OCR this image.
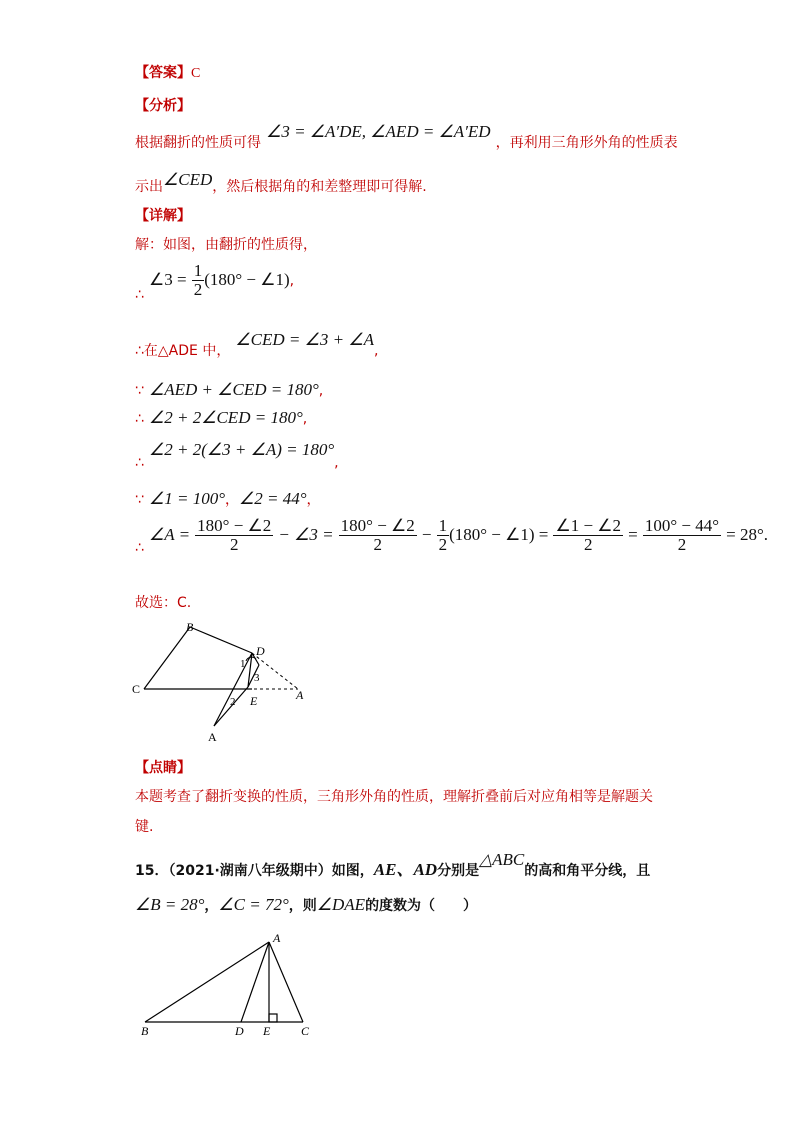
【答案】C
【分析】
根据翻折的性质可得 ∠3 = ∠A′DE, ∠AED = ∠A′ED ，再利用三角形外角的性质表
示出∠CED，然后根据角的和差整理即可得解.
【详解】
解：如图，由翻折的性质得，
∴ ∠3 = $\frac{1}{2} (180^\circ$ − ∠1),
∴在△ADE 中， ∠CED = ∠3 + ∠A,
∵ ∠AED + ∠CED = 180°,
∴ ∠2 + 2∠CED = 180°,
∴ ∠2 + 2(∠3 + ∠A) = 180°,
∵ ∠1 = 100°，∠2 = 44°，
∴ ∠A = $\frac{180^\circ - \angle 2}{2}$ − ∠3 = $\frac{180^\circ - \angle 2}{2} - \frac{1}{2} (180^\circ$ − ∠1) = $\frac{\angle 1 - \angle 2}{2} = \frac{100^\circ - 44^\circ}{2} = 28^\circ$.
故选：C.
B
D
C
1
3
2 E	A
A
【点睛】
本题考查了翻折变换的性质，三角形外角的性质，理解折叠前后对应角相等是解题关
键.
15．（2021·湖南八年级期中）如图，AE、AD分别是△ABC的高和角平分线，且
∠B = 28°，∠C = 72°，则∠DAE的度数为（　　）
A
B	D E	C
